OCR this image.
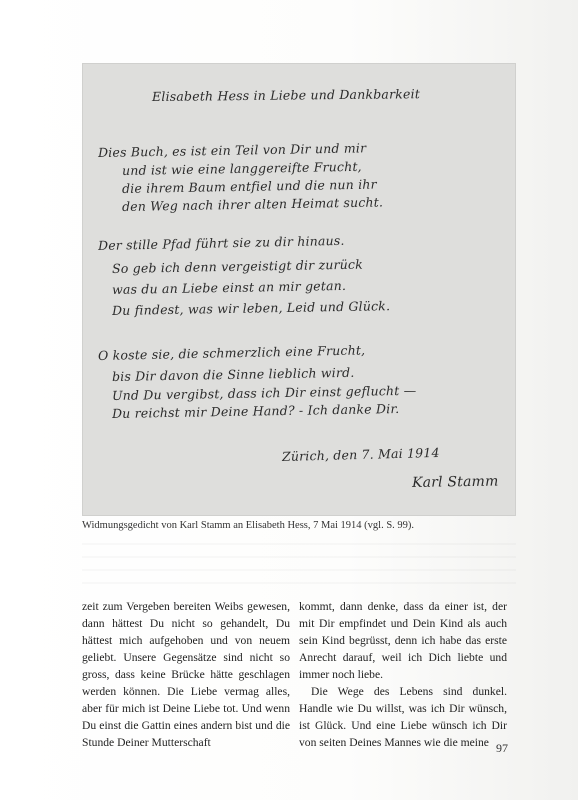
Elisabeth Hess in Liebe und Dankbarkeit
Dies Buch, es ist ein Teil von Dir und mir
und ist wie eine langgereifte Frucht,
die ihrem Baum entfiel und die nun ihr
den Weg nach ihrer alten Heimat sucht.
Der stille Pfad führt sie zu dir hinaus.
So geb ich denn vergeistigt dir zurück
was du an Liebe einst an mir getan.
Du findest, was wir leben, Leid und Glück.
O koste sie, die schmerzlich eine Frucht,
bis Dir davon die Sinne lieblich wird.
Und Du vergibst, dass ich Dir einst geflucht —
Du reichst mir Deine Hand? - Ich danke Dir.
Zürich, den 7. Mai 1914
Karl Stamm
Widmungsgedicht von Karl Stamm an Elisabeth Hess, 7 Mai 1914 (vgl. S. 99).

zeit zum Vergeben bereiten Weibs gewesen, dann hättest Du nicht so gehandelt, Du hättest mich aufgehoben und von neuem geliebt. Unsere Gegensätze sind nicht so gross, dass keine Brücke hätte geschlagen werden können. Die Liebe vermag alles, aber für mich ist Deine Liebe tot. Und wenn Du einst die Gattin eines andern bist und die Stunde Deiner Mutterschaft

kommt, dann denke, dass da einer ist, der mit Dir empfindet und Dein Kind als auch sein Kind begrüsst, denn ich habe das erste Anrecht darauf, weil ich Dich liebte und immer noch liebe.

Die Wege des Lebens sind dunkel. Handle wie Du willst, was ich Dir wünsch, ist Glück. Und eine Liebe wünsch ich Dir von seiten Deines Mannes wie die meine 97
